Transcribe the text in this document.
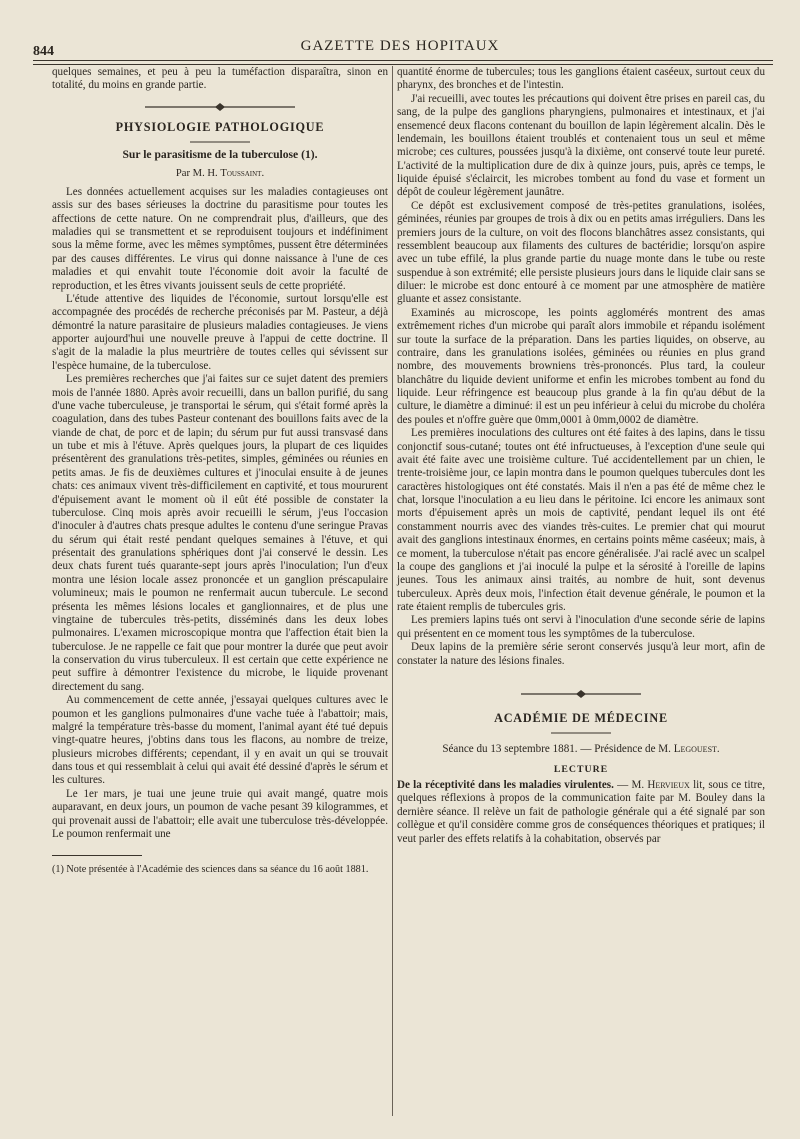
844	GAZETTE DES HOPITAUX

quelques semaines, et peu à peu la tuméfaction disparaîtra, sinon en totalité, du moins en grande partie.

PHYSIOLOGIE PATHOLOGIQUE
Sur le parasitisme de la tuberculose (1).
Par M. H. Toussaint.

Les données actuellement acquises sur les maladies contagieuses ont assis sur des bases sérieuses la doctrine du parasitisme pour toutes les affections de cette nature. On ne comprendrait plus, d'ailleurs, que des maladies qui se transmettent et se reproduisent toujours et indéfiniment sous la même forme, avec les mêmes symptômes, pussent être déterminées par des causes différentes. Le virus qui donne naissance à l'une de ces maladies et qui envahit toute l'économie doit avoir la faculté de reproduction, et les êtres vivants jouissent seuls de cette propriété.

L'étude attentive des liquides de l'économie, surtout lorsqu'elle est accompagnée des procédés de recherche préconisés par M. Pasteur, a déjà démontré la nature parasitaire de plusieurs maladies contagieuses. Je viens apporter aujourd'hui une nouvelle preuve à l'appui de cette doctrine. Il s'agit de la maladie la plus meurtrière de toutes celles qui sévissent sur l'espèce humaine, de la tuberculose.

Les premières recherches que j'ai faites sur ce sujet datent des premiers mois de l'année 1880. Après avoir recueilli, dans un ballon purifié, du sang d'une vache tuberculeuse, je transportai le sérum, qui s'était formé après la coagulation, dans des tubes Pasteur contenant des bouillons faits avec de la viande de chat, de porc et de lapin; du sérum pur fut aussi transvasé dans un tube et mis à l'étuve. Après quelques jours, la plupart de ces liquides présentèrent des granulations très-petites, simples, géminées ou réunies en petits amas. Je fis de deuxièmes cultures et j'inoculai ensuite à de jeunes chats: ces animaux vivent très-difficilement en captivité, et tous moururent d'épuisement avant le moment où il eût été possible de constater la tuberculose. Cinq mois après avoir recueilli le sérum, j'eus l'occasion d'inoculer à d'autres chats presque adultes le contenu d'une seringue Pravas du sérum qui était resté pendant quelques semaines à l'étuve, et qui présentait des granulations sphériques dont j'ai conservé le dessin. Les deux chats furent tués quarante-sept jours après l'inoculation; l'un d'eux montra une lésion locale assez prononcée et un ganglion préscapulaire volumineux; mais le poumon ne renfermait aucun tubercule. Le second présenta les mêmes lésions locales et ganglionnaires, et de plus une vingtaine de tubercules très-petits, disséminés dans les deux lobes pulmonaires. L'examen microscopique montra que l'affection était bien la tuberculose. Je ne rappelle ce fait que pour montrer la durée que peut avoir la conservation du virus tuberculeux. Il est certain que cette expérience ne peut suffire à démontrer l'existence du microbe, le liquide provenant directement du sang.

Au commencement de cette année, j'essayai quelques cultures avec le poumon et les ganglions pulmonaires d'une vache tuée à l'abattoir; mais, malgré la température très-basse du moment, l'animal ayant été tué depuis vingt-quatre heures, j'obtins dans tous les flacons, au nombre de treize, plusieurs microbes différents; cependant, il y en avait un qui se trouvait dans tous et qui ressemblait à celui qui avait été dessiné d'après le sérum et les cultures.

Le 1er mars, je tuai une jeune truie qui avait mangé, quatre mois auparavant, en deux jours, un poumon de vache pesant 39 kilogrammes, et qui provenait aussi de l'abattoir; elle avait une tuberculose très-développée. Le poumon renfermait une

(1) Note présentée à l'Académie des sciences dans sa séance du 16 août 1881.

quantité énorme de tubercules; tous les ganglions étaient caséeux, surtout ceux du pharynx, des bronches et de l'intestin.

J'ai recueilli, avec toutes les précautions qui doivent être prises en pareil cas, du sang, de la pulpe des ganglions pharyngiens, pulmonaires et intestinaux, et j'ai ensemencé deux flacons contenant du bouillon de lapin légèrement alcalin. Dès le lendemain, les bouillons étaient troublés et contenaient tous un seul et même microbe; ces cultures, poussées jusqu'à la dixième, ont conservé toute leur pureté. L'activité de la multiplication dure de dix à quinze jours, puis, après ce temps, le liquide épuisé s'éclaircit, les microbes tombent au fond du vase et forment un dépôt de couleur légèrement jaunâtre.

Ce dépôt est exclusivement composé de très-petites granulations, isolées, géminées, réunies par groupes de trois à dix ou en petits amas irréguliers. Dans les premiers jours de la culture, on voit des flocons blanchâtres assez consistants, qui ressemblent beaucoup aux filaments des cultures de bactéridie; lorsqu'on aspire avec un tube effilé, la plus grande partie du nuage monte dans le tube ou reste suspendue à son extrémité; elle persiste plusieurs jours dans le liquide clair sans se diluer: le microbe est donc entouré à ce moment par une atmosphère de matière gluante et assez consistante.

Examinés au microscope, les points agglomérés montrent des amas extrêmement riches d'un microbe qui paraît alors immobile et répandu isolément sur toute la surface de la préparation. Dans les parties liquides, on observe, au contraire, dans les granulations isolées, géminées ou réunies en plus grand nombre, des mouvements browniens très-prononcés. Plus tard, la couleur blanchâtre du liquide devient uniforme et enfin les microbes tombent au fond du liquide. Leur réfringence est beaucoup plus grande à la fin qu'au début de la culture, le diamètre a diminué: il est un peu inférieur à celui du microbe du choléra des poules et n'offre guère que 0mm,0001 à 0mm,0002 de diamètre.

Les premières inoculations des cultures ont été faites à des lapins, dans le tissu conjonctif sous-cutané; toutes ont été infructueuses, à l'exception d'une seule qui avait été faite avec une troisième culture. Tué accidentellement par un chien, le trente-troisième jour, ce lapin montra dans le poumon quelques tubercules dont les caractères histologiques ont été constatés. Mais il n'en a pas été de même chez le chat, lorsque l'inoculation a eu lieu dans le péritoine. Ici encore les animaux sont morts d'épuisement après un mois de captivité, pendant lequel ils ont été constamment nourris avec des viandes très-cuites. Le premier chat qui mourut avait des ganglions intestinaux énormes, en certains points même caséeux; mais, à ce moment, la tuberculose n'était pas encore généralisée. J'ai raclé avec un scalpel la coupe des ganglions et j'ai inoculé la pulpe et la sérosité à l'oreille de lapins jeunes. Tous les animaux ainsi traités, au nombre de huit, sont devenus tuberculeux. Après deux mois, l'infection était devenue générale, le poumon et la rate étaient remplis de tubercules gris.

Les premiers lapins tués ont servi à l'inoculation d'une seconde série de lapins qui présentent en ce moment tous les symptômes de la tuberculose.

Deux lapins de la première série seront conservés jusqu'à leur mort, afin de constater la nature des lésions finales.

ACADÉMIE DE MÉDECINE
Séance du 13 septembre 1881. — Présidence de M. Legouest.
LECTURE

De la réceptivité dans les maladies virulentes. — M. Hervieux lit, sous ce titre, quelques réflexions à propos de la communication faite par M. Bouley dans la dernière séance. Il relève un fait de pathologie générale qui a été signalé par son collègue et qu'il considère comme gros de conséquences théoriques et pratiques; il veut parler des effets relatifs à la cohabitation, observés par
